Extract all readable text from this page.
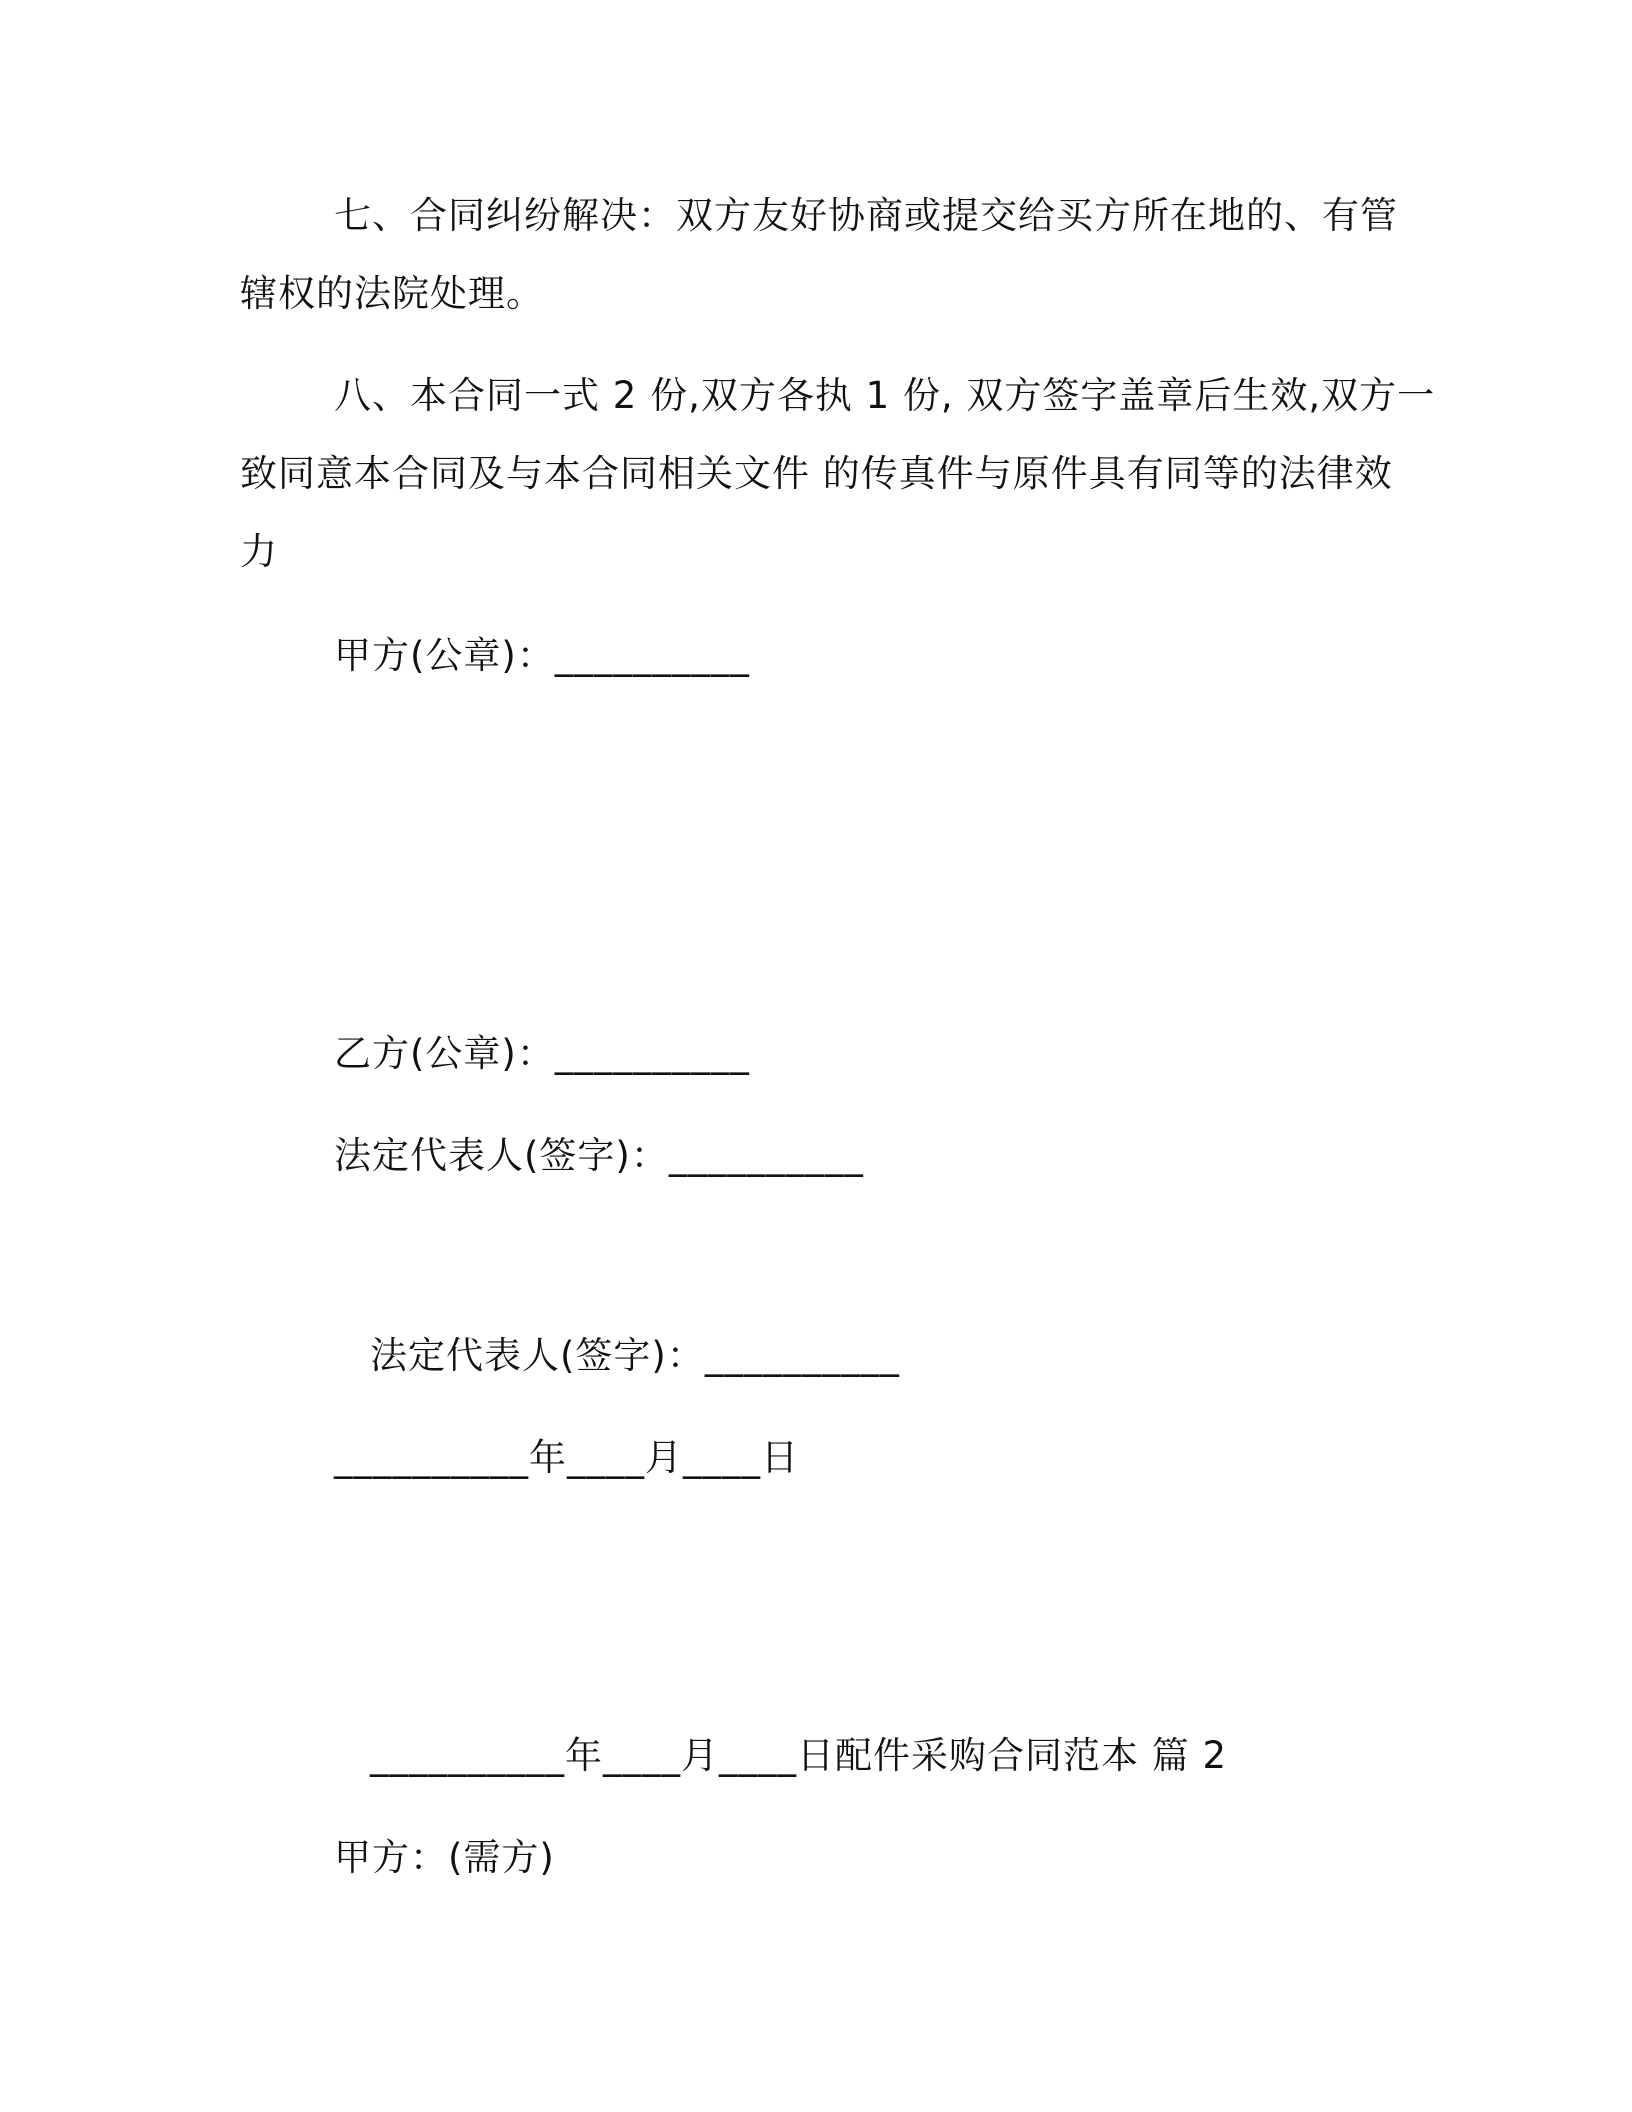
七、合同纠纷解决：双方友好协商或提交给买方所在地的、有管
辖权的法院处理。
八、本合同一式 2 份,双方各执 1 份, 双方签字盖章后生效,双方一
致同意本合同及与本合同相关文件 的传真件与原件具有同等的法律效
力
甲方(公章)：__________
乙方(公章)：__________
法定代表人(签字)：__________
法定代表人(签字)：__________
__________年____月____日
__________年____月____日配件采购合同范本 篇 2
甲方：(需方)
